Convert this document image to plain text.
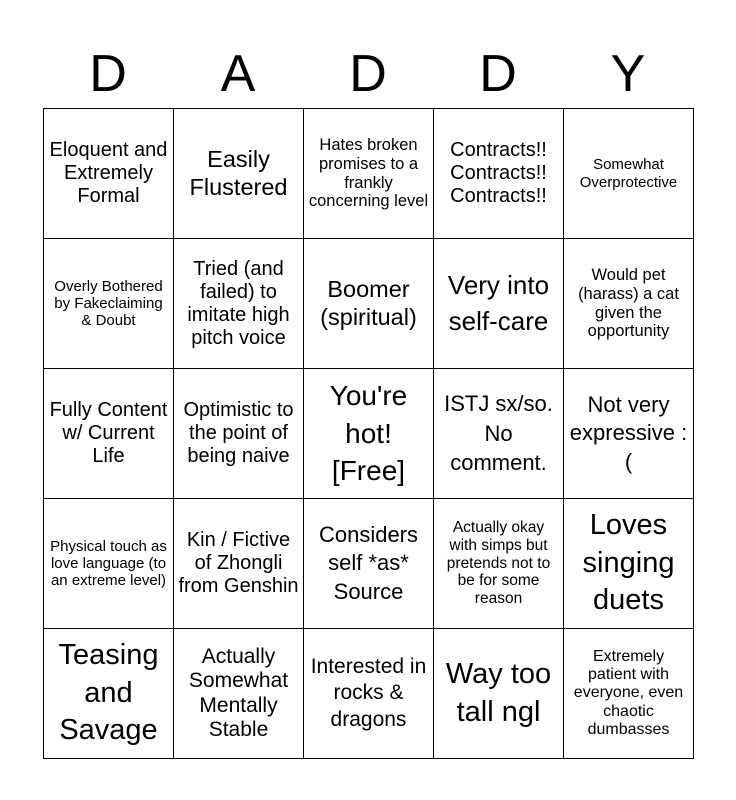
D	A	D	D	Y
Eloquent and Extremely Formal	Easily Flustered	Hates broken promises to a frankly concerning level	Contracts!! Contracts!! Contracts!!	Somewhat Overprotective
Overly Bothered by Fakeclaiming & Doubt	Tried (and failed) to imitate high pitch voice	Boomer (spiritual)	Very into self-care	Would pet (harass) a cat given the opportunity
Fully Content w/ Current Life	Optimistic to the point of being naive	You're hot! [Free]	ISTJ sx/so. No comment.	Not very expressive :(
Physical touch as love language (to an extreme level)	Kin / Fictive of Zhongli from Genshin	Considers self *as* Source	Actually okay with simps but pretends not to be for some reason	Loves singing duets
Teasing and Savage	Actually Somewhat Mentally Stable	Interested in rocks & dragons	Way too tall ngl	Extremely patient with everyone, even chaotic dumbasses
